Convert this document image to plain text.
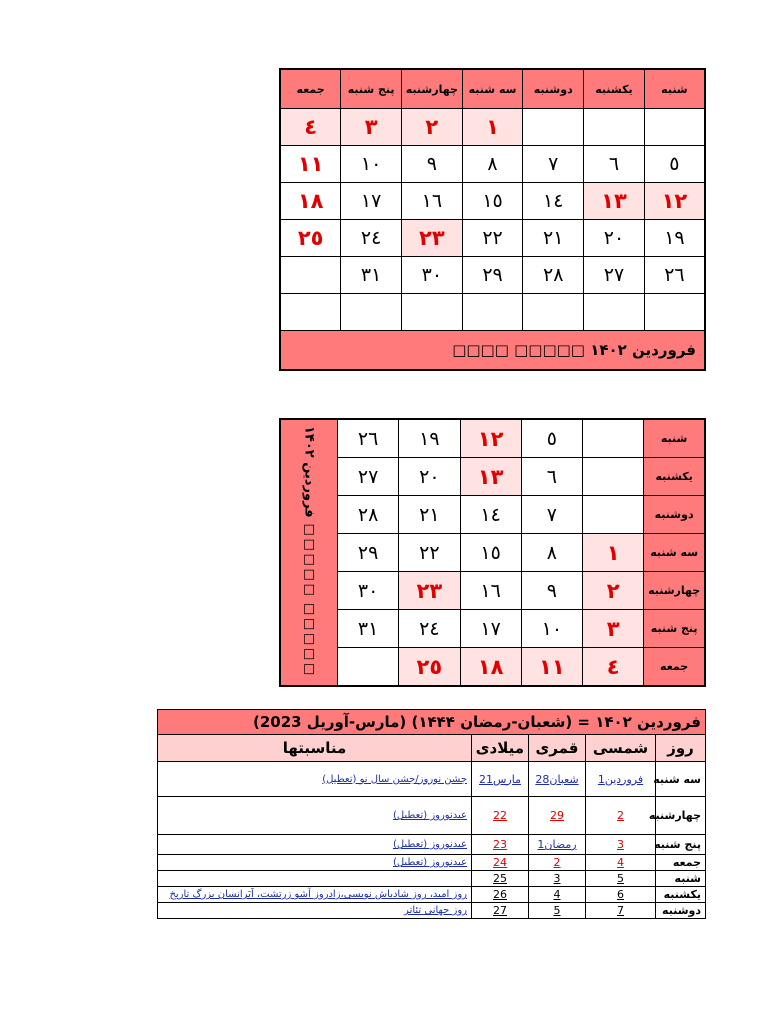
شنبه	یکشنبه	دوشنبه	سه شنبه	چهارشنبه	پنج شنبه	جمعه
			۱	۲	۳	٤
٥	٦	٧	٨	٩	١٠	١١
١٢	١٣	١٤	١٥	١٦	١٧	١٨
١٩	٢٠	٢١	٢٢	٢٣	٢٤	٢٥
٢٦	٢٧	٢٨	٢٩	٣٠	٣١	

فروردین ۱۴۰۲ □□□□□ □□□□						
شنبه		٥	١٢	١٩	٢٦	□□□□□ □□□□□ فروردین ۱۴۰۲

یکشنبه		٦	١٣	٢٠	٢٧	
دوشنبه		٧	١٤	٢١	٢٨	
سه شنبه	۱	٨	١٥	٢٢	٢٩	
چهارشنبه	۲	٩	١٦	٢٣	٣٠	
پنج شنبه	۳	١٠	١٧	٢٤	٣١	
جمعه	٤	١١	١٨	٢٥		
فروردین ۱۴۰۲ = (شعبان-رمضان ۱۴۴۴) (مارس-آوریل 2023)				
روز	شمسی	قمری	میلادی	مناسبتها
سه شنبه	فروردین1	شعبان28	مارس21	جشن نوروز/جشن سال نو (تعطیل)
چهارشنبه	2	29	22	عیدنوروز (تعطیل)
پنج شنبه	3	رمضان1	23	عیدنوروز (تعطیل)
جمعه	4	2	24	عیدنوروز (تعطیل)
شنبه	5	3	25	
یکشنبه	6	4	26	روز امید، روز شادباش نویسی،زادروز آشو زرتشت، اَبَرانسان بزرگ تاریخ
دوشنبه	7	5	27	روز جهانی تئاتر
